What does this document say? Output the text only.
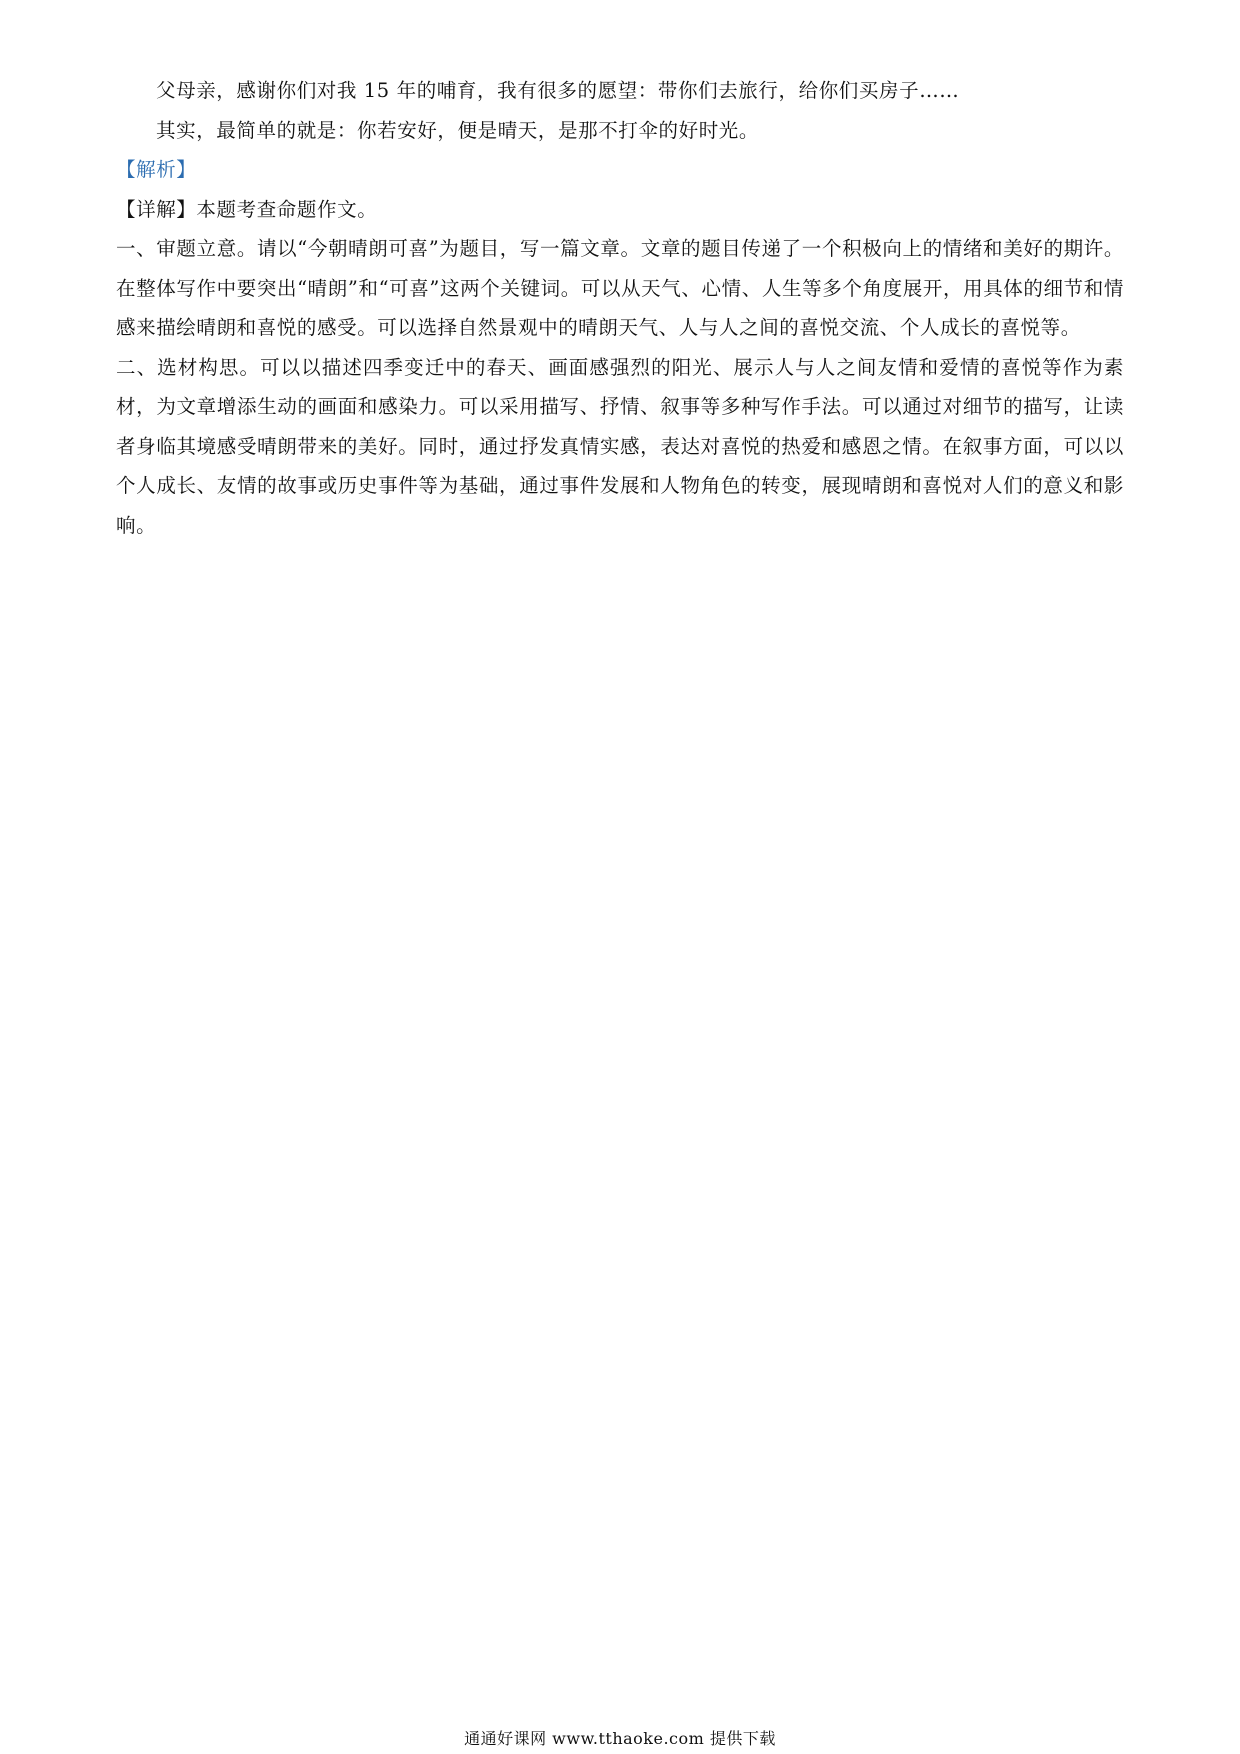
父母亲，感谢你们对我 15 年的哺育，我有很多的愿望：带你们去旅行，给你们买房子……

其实，最简单的就是：你若安好，便是晴天，是那不打伞的好时光。

【解析】

【详解】本题考查命题作文。

一、审题立意。请以“今朝晴朗可喜”为题目，写一篇文章。文章的题目传递了一个积极向上的情绪和美好的期许。在整体写作中要突出“晴朗”和“可喜”这两个关键词。可以从天气、心情、人生等多个角度展开，用具体的细节和情感来描绘晴朗和喜悦的感受。可以选择自然景观中的晴朗天气、人与人之间的喜悦交流、个人成长的喜悦等。

二、选材构思。可以以描述四季变迁中的春天、画面感强烈的阳光、展示人与人之间友情和爱情的喜悦等作为素材，为文章增添生动的画面和感染力。可以采用描写、抒情、叙事等多种写作手法。可以通过对细节的描写，让读者身临其境感受晴朗带来的美好。同时，通过抒发真情实感，表达对喜悦的热爱和感恩之情。在叙事方面，可以以个人成长、友情的故事或历史事件等为基础，通过事件发展和人物角色的转变，展现晴朗和喜悦对人们的意义和影响。

通通好课网 www.tthaoke.com 提供下载
